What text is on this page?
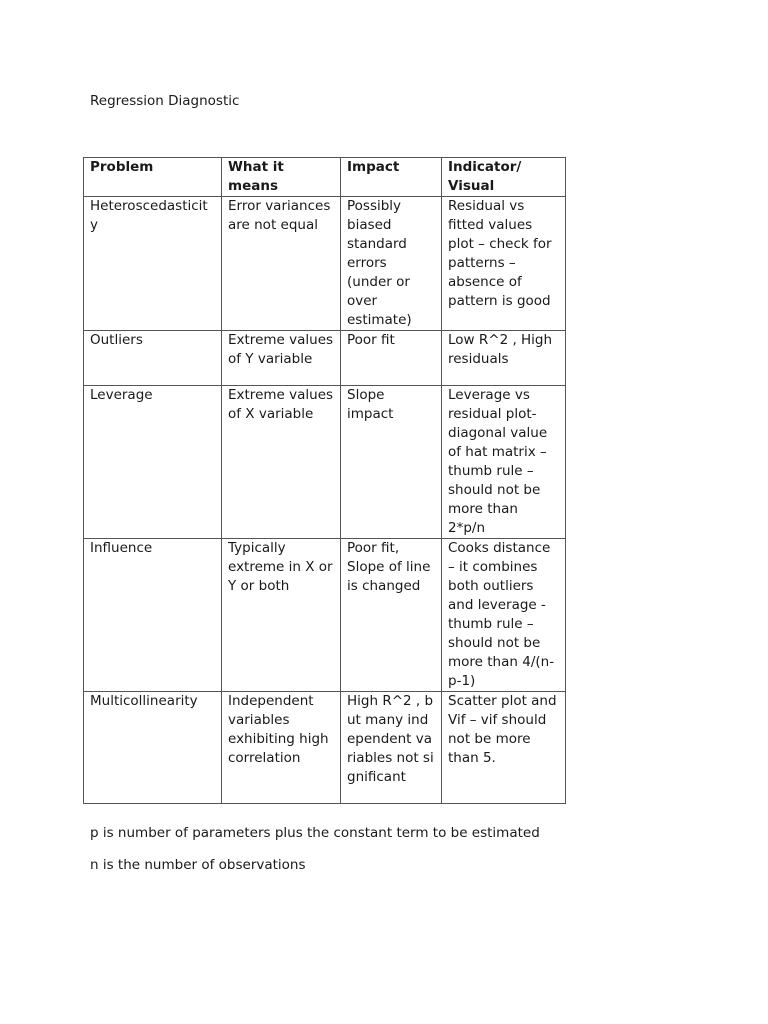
Regression Diagnostic
Problem	What it means	Impact	Indicator/ Visual

Heteroscedasticity	Error variances are not equal	Possibly biased standard errors (under or over estimate)	Residual vs fitted values plot – check for patterns – absence of pattern is good

Outliers	Extreme values of Y variable	Poor fit	Low R^2 , High residuals

Leverage	Extreme values of X variable	Slope impact	Leverage vs residual plot- diagonal value of hat matrix – thumb rule – should not be more than 2*p/n

Influence	Typically extreme in X or Y or both	Poor fit, Slope of line is changed	Cooks distance – it combines both outliers and leverage - thumb rule – should not be more than 4/(n-p-1)

Multicollinearity	Independent variables exhibiting high correlation	High R^2 , but many independent variables not significant	Scatter plot and Vif – vif should not be more than 5.
p is number of parameters plus the constant term to be estimated
n is the number of observations
